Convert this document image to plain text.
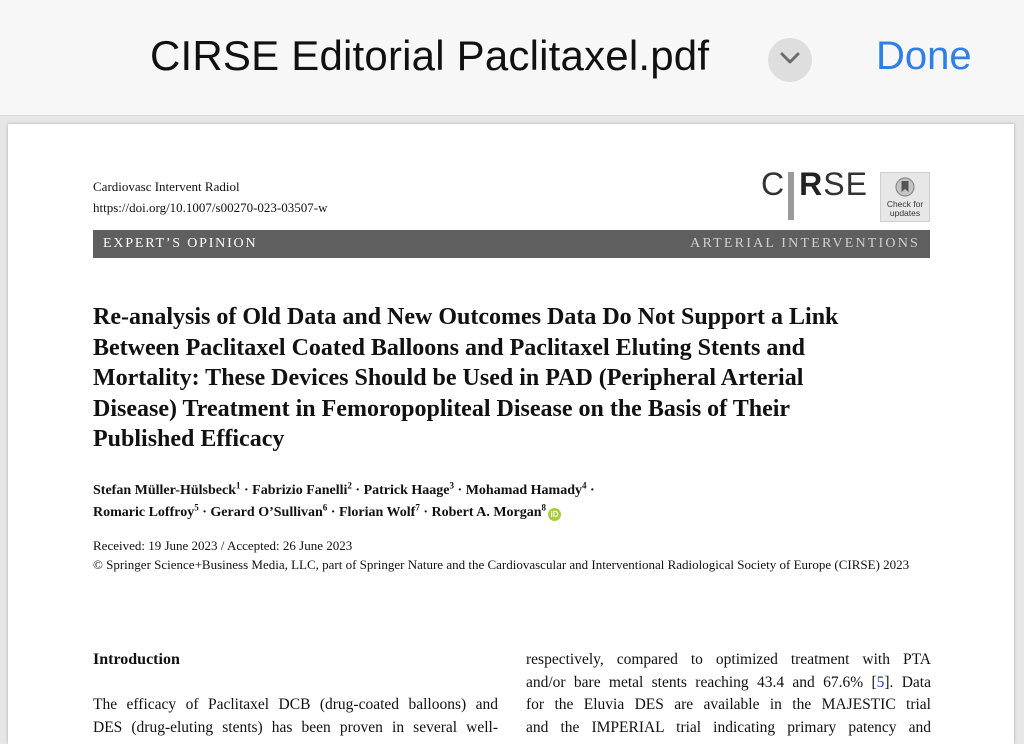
CIRSE Editorial Paclitaxel.pdf	Done
Cardiovasc Intervent Radiol
https://doi.org/10.1007/s00270-023-03507-w
C RSE
Check for
updates
EXPERT’S OPINION	ARTERIAL INTERVENTIONS
Re-analysis of Old Data and New Outcomes Data Do Not Support a Link Between Paclitaxel Coated Balloons and Paclitaxel Eluting Stents and Mortality: These Devices Should be Used in PAD (Peripheral Arterial Disease) Treatment in Femoropopliteal Disease on the Basis of Their Published Efficacy
Stefan Müller-Hülsbeck$^1$ · Fabrizio Fanelli$^2$ · Patrick Haage$^3$ · Mohamad Hamady$^4$ ·
Romaric Loffroy$^5$ · Gerard O’Sullivan$^6$ · Florian Wolf$^7$ · Robert A. Morgan$^8$iD
Received: 19 June 2023 / Accepted: 26 June 2023
© Springer Science+Business Media, LLC, part of Springer Nature and the Cardiovascular and Interventional Radiological Society of Europe (CIRSE) 2023
Introduction
The efficacy of Paclitaxel DCB (drug-coated balloons) and
DES (drug-eluting stents) has been proven in several well-
respectively, compared to optimized treatment with PTA
and/or bare metal stents reaching 43.4 and 67.6% [5]. Data
for the Eluvia DES are available in the MAJESTIC trial
and the IMPERIAL trial indicating primary patency and
